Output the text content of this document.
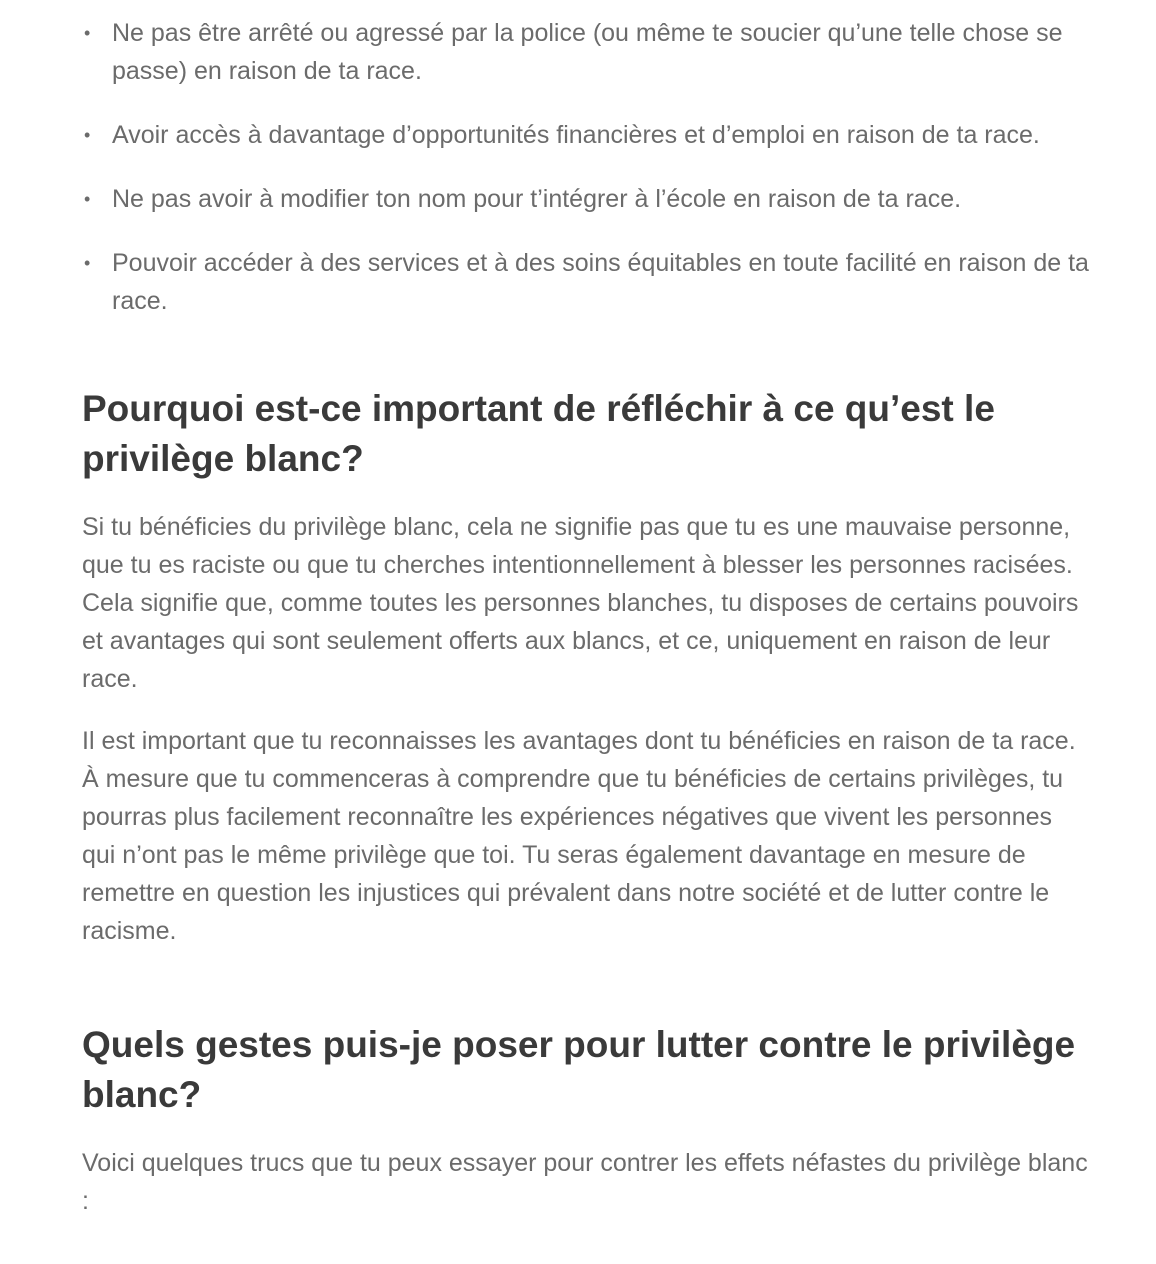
• Ne pas être arrêté ou agressé par la police (ou même te soucier qu’une telle chose se passe) en raison de ta race.
• Avoir accès à davantage d’opportunités financières et d’emploi en raison de ta race.
• Ne pas avoir à modifier ton nom pour t’intégrer à l’école en raison de ta race.
• Pouvoir accéder à des services et à des soins équitables en toute facilité en raison de ta race.
Pourquoi est-ce important de réfléchir à ce qu’est le privilège blanc?

Si tu bénéficies du privilège blanc, cela ne signifie pas que tu es une mauvaise personne, que tu es raciste ou que tu cherches intentionnellement à blesser les personnes racisées. Cela signifie que, comme toutes les personnes blanches, tu disposes de certains pouvoirs et avantages qui sont seulement offerts aux blancs, et ce, uniquement en raison de leur race.

Il est important que tu reconnaisses les avantages dont tu bénéficies en raison de ta race. À mesure que tu commenceras à comprendre que tu bénéficies de certains privilèges, tu pourras plus facilement reconnaître les expériences négatives que vivent les personnes qui n’ont pas le même privilège que toi. Tu seras également davantage en mesure de remettre en question les injustices qui prévalent dans notre société et de lutter contre le racisme.

Quels gestes puis-je poser pour lutter contre le privilège blanc?

Voici quelques trucs que tu peux essayer pour contrer les effets néfastes du privilège blanc :
